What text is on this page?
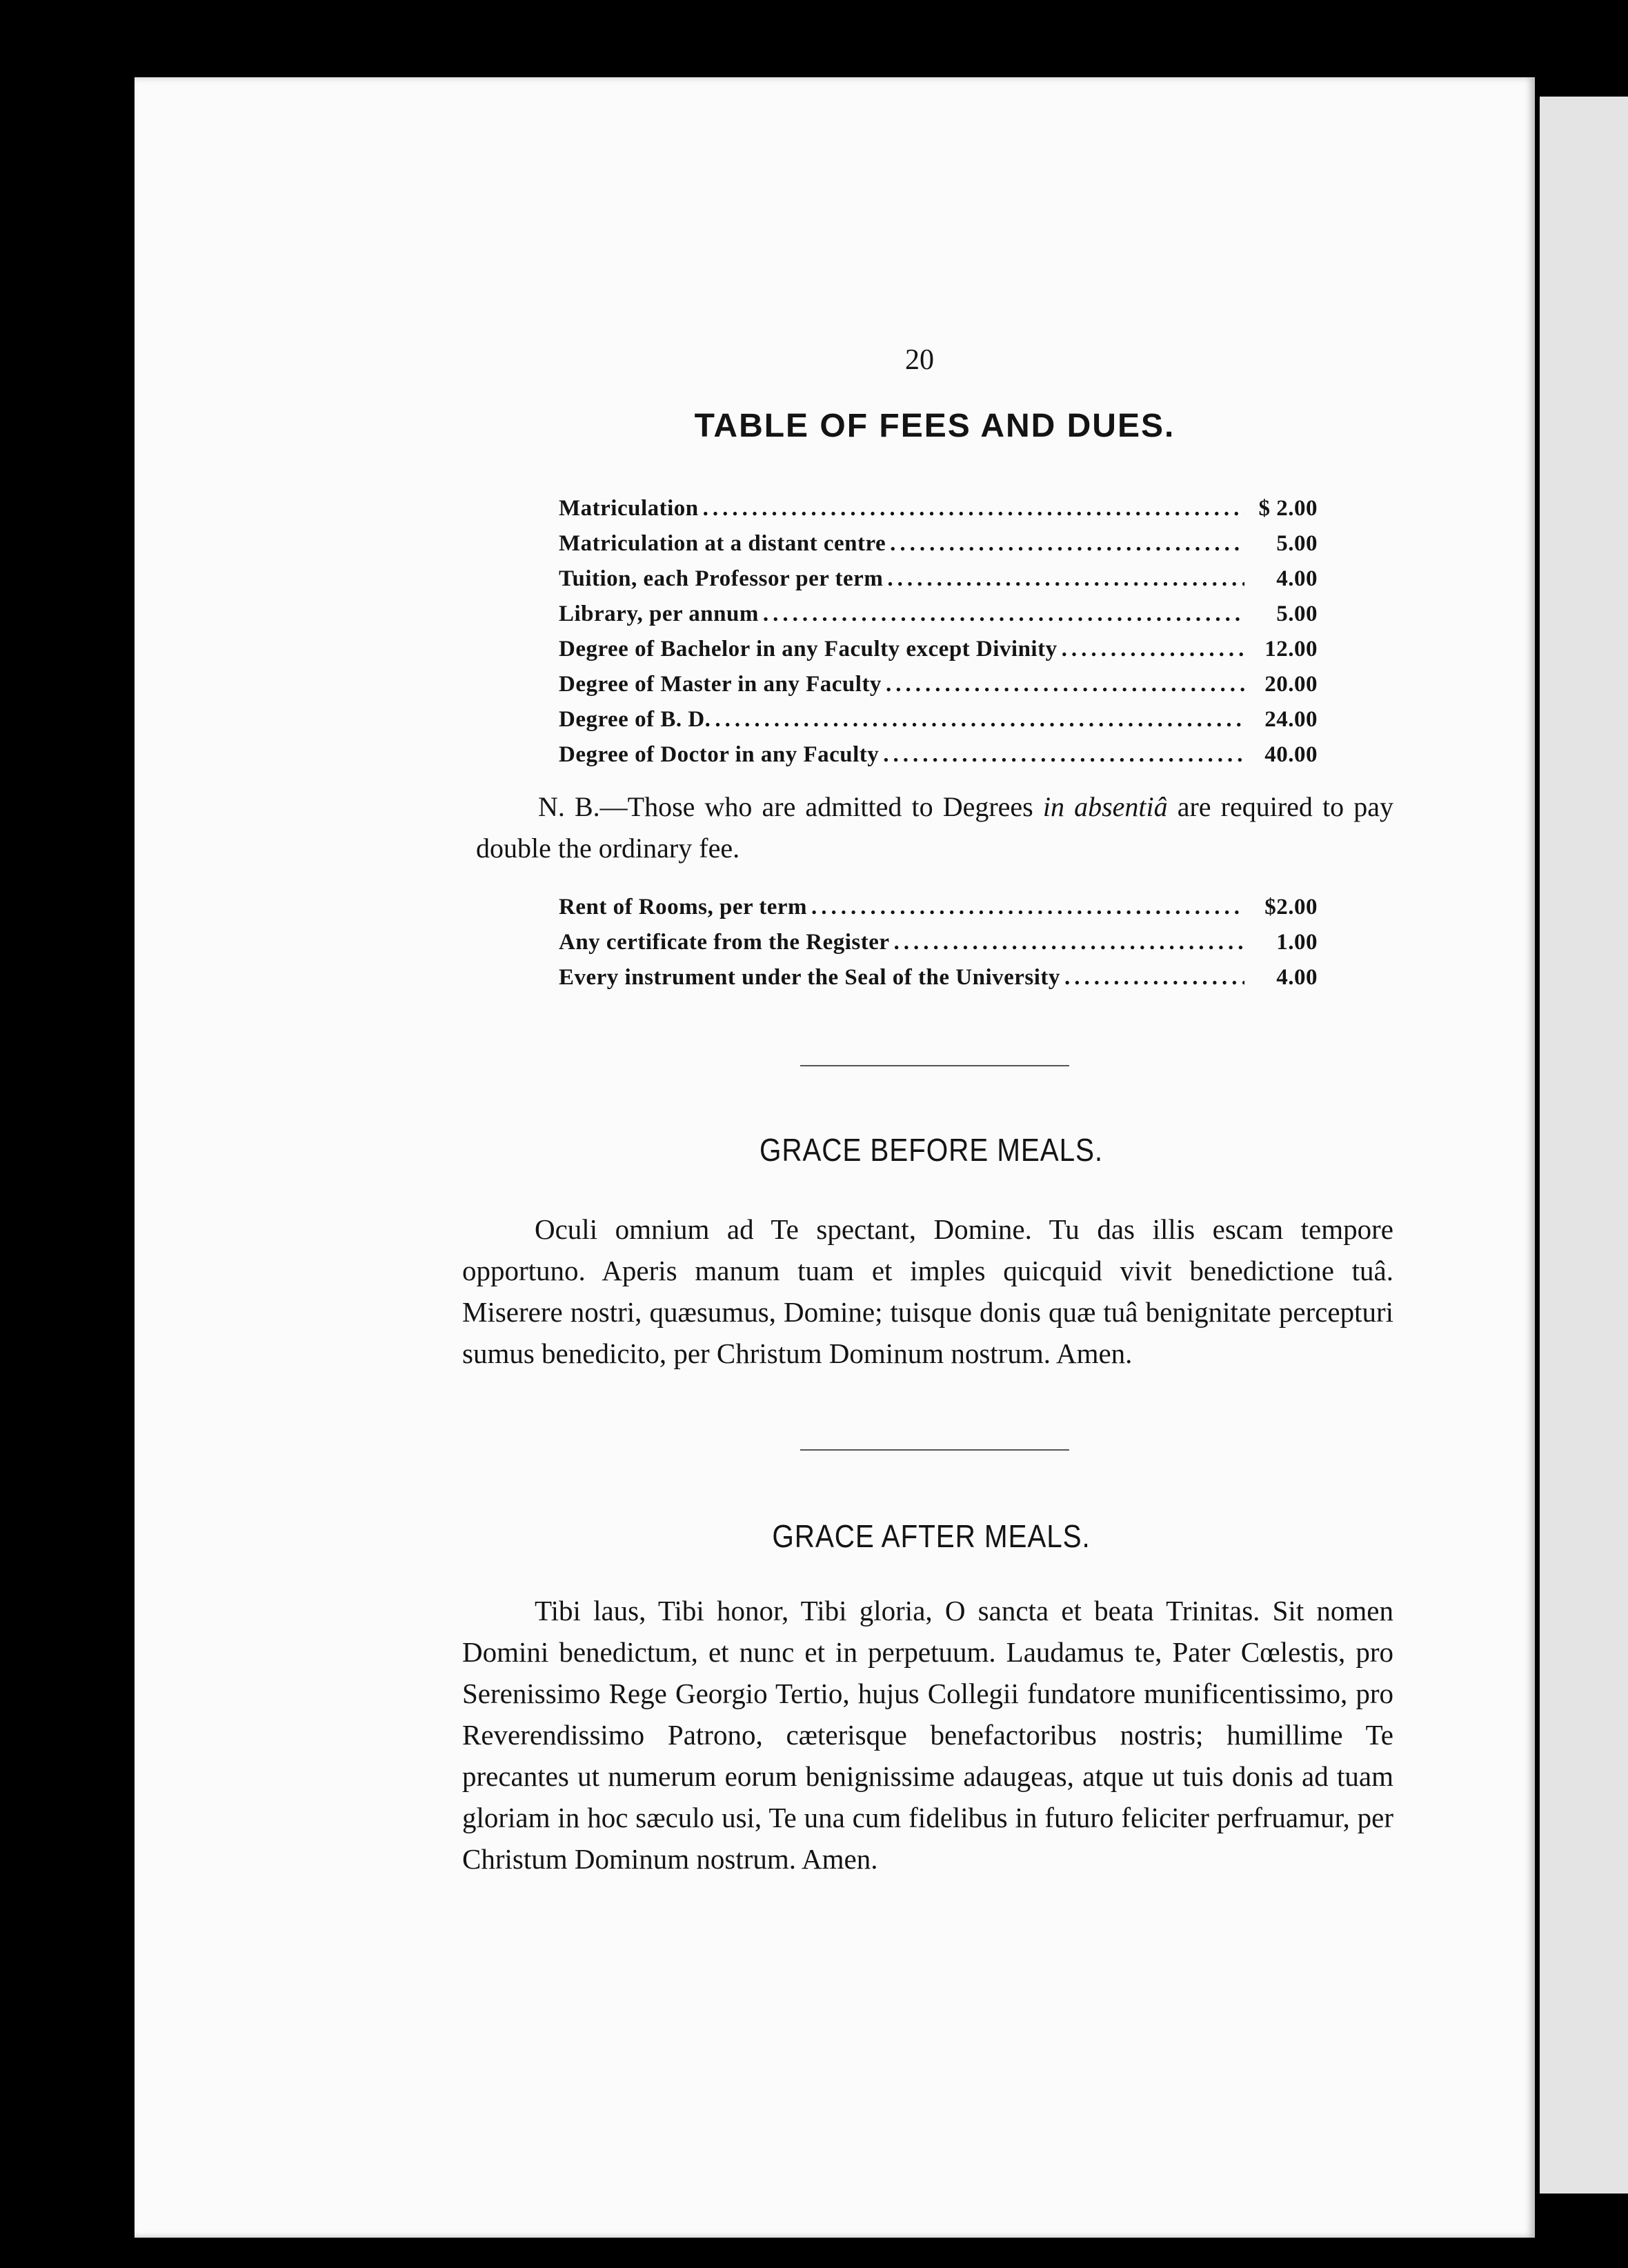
20
TABLE OF FEES AND DUES.
Matriculation .....	$ 2.00
Matriculation at a distant centre .....	5.00
Tuition, each Professor per term .....	4.00
Library, per annum .....	5.00
Degree of Bachelor in any Faculty except Divinity .....	12.00
Degree of Master in any Faculty .....	20.00
Degree of B. D. .....	24.00
Degree of Doctor in any Faculty .....	40.00
N. B.—Those who are admitted to Degrees in absentiâ are required to pay double the ordinary fee.
Rent of Rooms, per term .....	$2.00
Any certificate from the Register .....	1.00
Every instrument under the Seal of the University .....	4.00
GRACE BEFORE MEALS.
Oculi omnium ad Te spectant, Domine. Tu das illis escam tempore opportuno. Aperis manum tuam et imples quicquid vivit benedictione tuâ. Miserere nostri, quæsumus, Domine; tuisque donis quæ tuâ benignitate percepturi sumus benedicito, per Christum Dominum nostrum. Amen.
GRACE AFTER MEALS.
Tibi laus, Tibi honor, Tibi gloria, O sancta et beata Trinitas. Sit nomen Domini benedictum, et nunc et in perpetuum. Laudamus te, Pater Cœlestis, pro Serenissimo Rege Georgio Tertio, hujus Collegii fundatore munificentissimo, pro Reverendissimo Patrono, cæterisque benefactoribus nostris; humillime Te precantes ut numerum eorum benignissime adaugeas, atque ut tuis donis ad tuam gloriam in hoc sæculo usi, Te una cum fidelibus in futuro feliciter perfruamur, per Christum Dominum nostrum. Amen.
